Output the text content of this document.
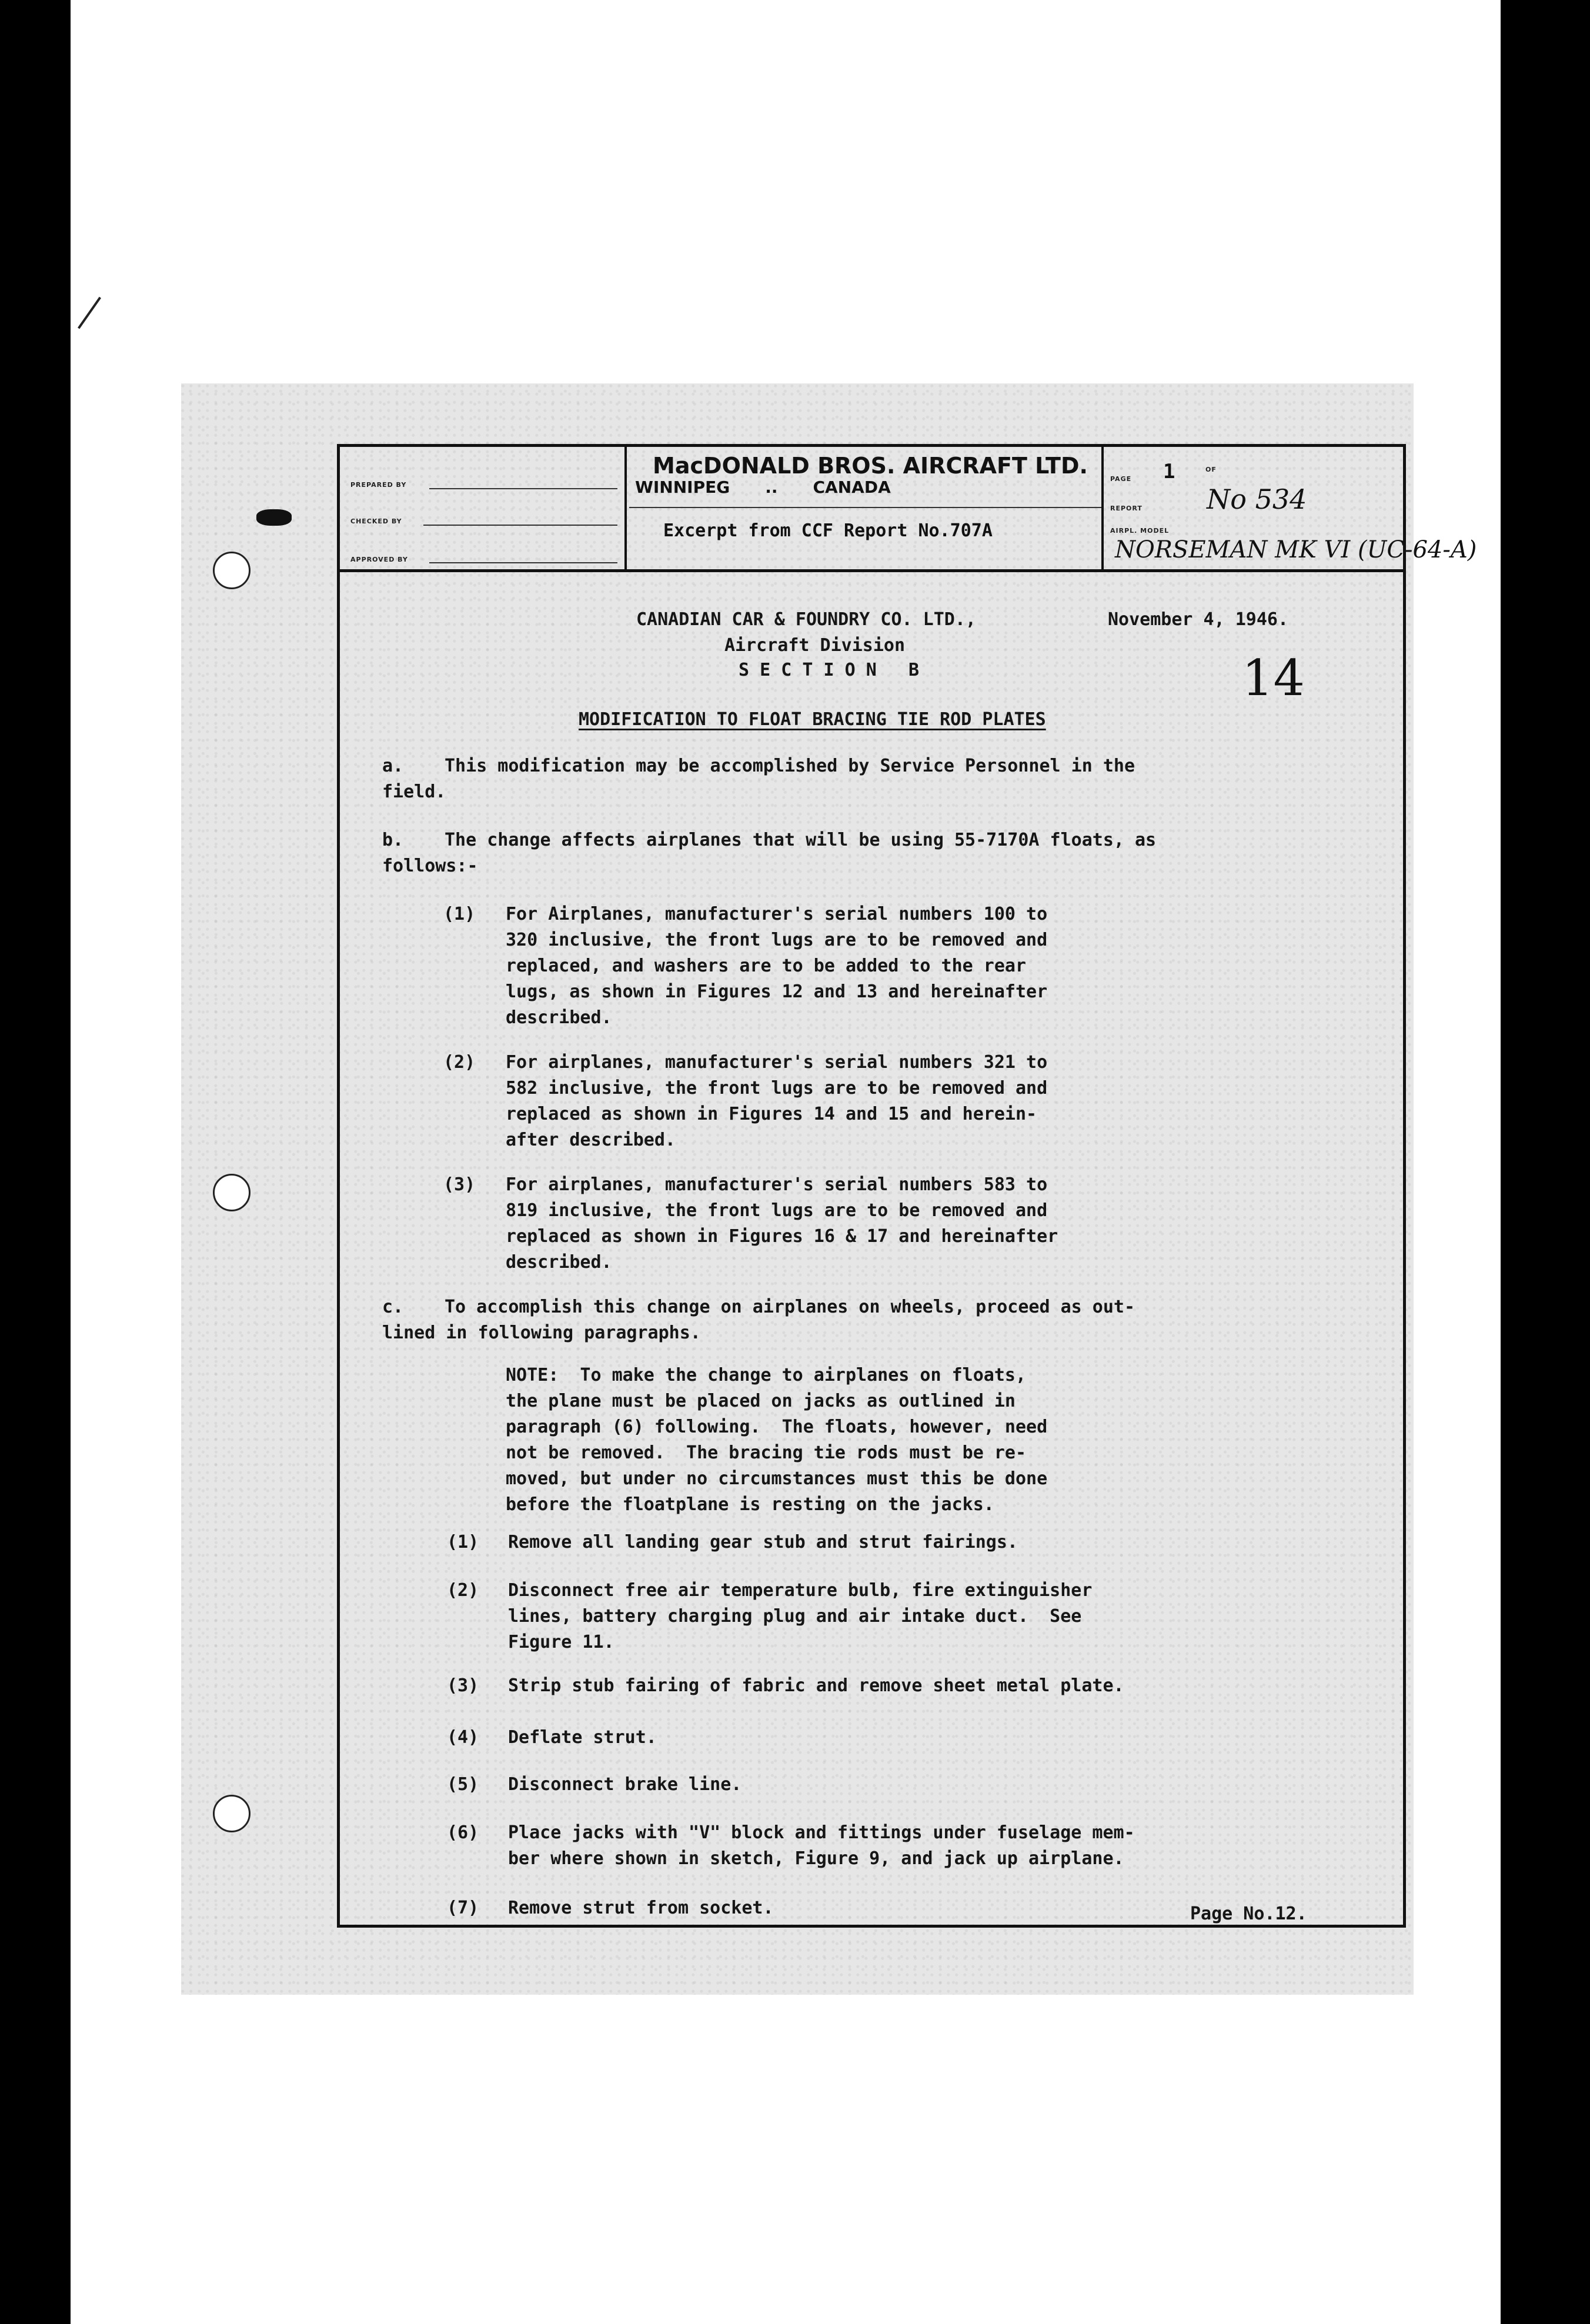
PREPARED BY
CHECKED BY
APPROVED BY
MacDONALD BROS. AIRCRAFT LTD.
WINNIPEG .. CANADA
Excerpt from CCF Report No.707A
PAGE 1	OF
REPORT No 534
AIRPL. MODEL
NORSEMAN MK VI (UC-64-A)
CANADIAN CAR & FOUNDRY CO. LTD.,
Aircraft Division
S E C T I O N   B
November 4, 1946.
14
MODIFICATION TO FLOAT BRACING TIE ROD PLATES
a. This modification may be accomplished by Service Personnel in the
field.
b. The change affects airplanes that will be using 55-7170A floats, as
follows:-
(1) For Airplanes, manufacturer's serial numbers 100 to
320 inclusive, the front lugs are to be removed and
replaced, and washers are to be added to the rear
lugs, as shown in Figures 12 and 13 and hereinafter
described.
(2) For airplanes, manufacturer's serial numbers 321 to
582 inclusive, the front lugs are to be removed and
replaced as shown in Figures 14 and 15 and herein-
after described.
(3) For airplanes, manufacturer's serial numbers 583 to
819 inclusive, the front lugs are to be removed and
replaced as shown in Figures 16 & 17 and hereinafter
described.
c. To accomplish this change on airplanes on wheels, proceed as out-
lined in following paragraphs.
NOTE:  To make the change to airplanes on floats,
the plane must be placed on jacks as outlined in
paragraph (6) following.  The floats, however, need
not be removed.  The bracing tie rods must be re-
moved, but under no circumstances must this be done
before the floatplane is resting on the jacks.
(1) Remove all landing gear stub and strut fairings.
(2) Disconnect free air temperature bulb, fire extinguisher
lines, battery charging plug and air intake duct.  See
Figure 11.
(3) Strip stub fairing of fabric and remove sheet metal plate.
(4) Deflate strut.
(5) Disconnect brake line.
(6) Place jacks with "V" block and fittings under fuselage mem-
ber where shown in sketch, Figure 9, and jack up airplane.
(7) Remove strut from socket.	Page No.12.
